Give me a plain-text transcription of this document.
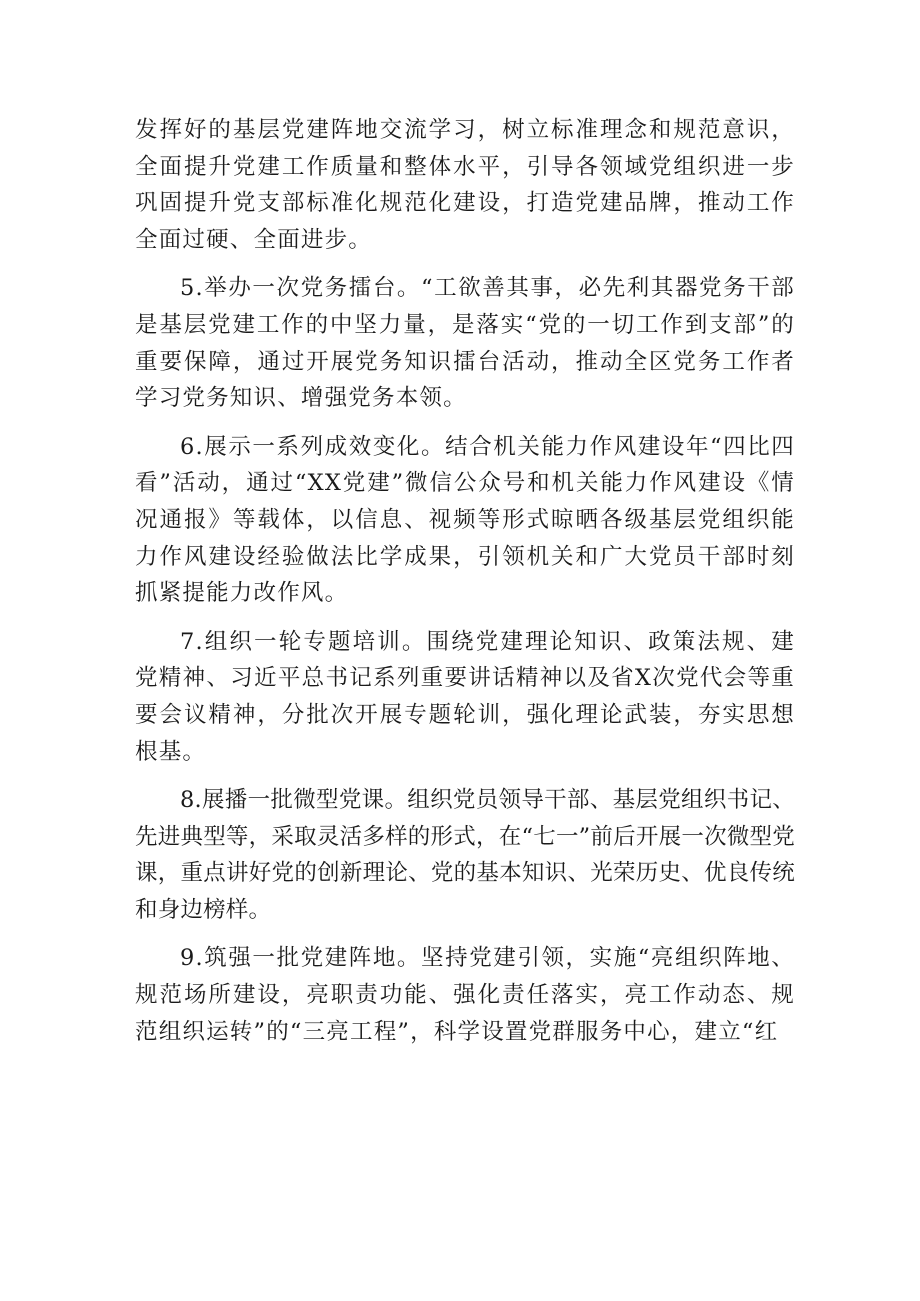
发挥好的基层党建阵地交流学习，树立标准理念和规范意识，全面提升党建工作质量和整体水平，引导各领域党组织进一步巩固提升党支部标准化规范化建设，打造党建品牌，推动工作全面过硬、全面进步。

5.举办一次党务擂台。“工欲善其事，必先利其器党务干部是基层党建工作的中坚力量，是落实“党的一切工作到支部”的重要保障，通过开展党务知识擂台活动，推动全区党务工作者学习党务知识、增强党务本领。

6.展示一系列成效变化。结合机关能力作风建设年“四比四看”活动，通过“XX党建”微信公众号和机关能力作风建设《情况通报》等载体，以信息、视频等形式晾晒各级基层党组织能力作风建设经验做法比学成果，引领机关和广大党员干部时刻抓紧提能力改作风。

7.组织一轮专题培训。围绕党建理论知识、政策法规、建党精神、习近平总书记系列重要讲话精神以及省X次党代会等重要会议精神，分批次开展专题轮训，强化理论武装，夯实思想根基。

8.展播一批微型党课。组织党员领导干部、基层党组织书记、先进典型等，采取灵活多样的形式，在“七一”前后开展一次微型党课，重点讲好党的创新理论、党的基本知识、光荣历史、优良传统和身边榜样。

9.筑强一批党建阵地。坚持党建引领，实施“亮组织阵地、规范场所建设，亮职责功能、强化责任落实，亮工作动态、规范组织运转”的“三亮工程”，科学设置党群服务中心，建立“红
